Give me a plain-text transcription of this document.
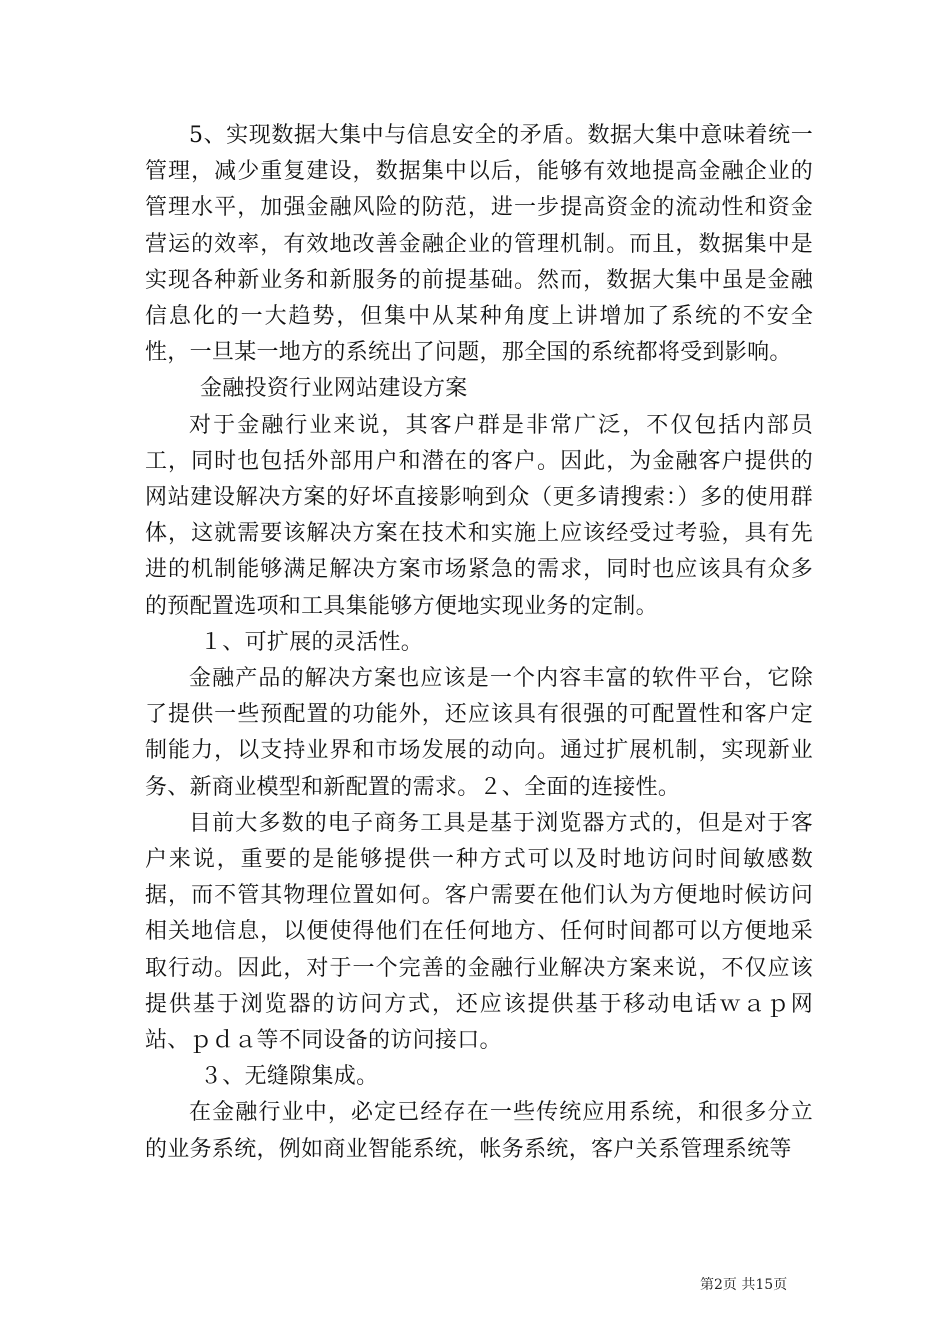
5、实现数据大集中与信息安全的矛盾。数据大集中意味着统一管理，减少重复建设，数据集中以后，能够有效地提高金融企业的管理水平，加强金融风险的防范，进一步提高资金的流动性和资金营运的效率，有效地改善金融企业的管理机制。而且，数据集中是实现各种新业务和新服务的前提基础。然而，数据大集中虽是金融信息化的一大趋势，但集中从某种角度上讲增加了系统的不安全性，一旦某一地方的系统出了问题，那全国的系统都将受到影响。

金融投资行业网站建设方案

对于金融行业来说，其客户群是非常广泛，不仅包括内部员工，同时也包括外部用户和潜在的客户。因此，为金融客户提供的网站建设解决方案的好坏直接影响到众（更多请搜索：）多的使用群体，这就需要该解决方案在技术和实施上应该经受过考验，具有先进的机制能够满足解决方案市场紧急的需求，同时也应该具有众多的预配置选项和工具集能够方便地实现业务的定制。

１、可扩展的灵活性。

金融产品的解决方案也应该是一个内容丰富的软件平台，它除了提供一些预配置的功能外，还应该具有很强的可配置性和客户定制能力，以支持业界和市场发展的动向。通过扩展机制，实现新业务、新商业模型和新配置的需求。２、全面的连接性。

目前大多数的电子商务工具是基于浏览器方式的，但是对于客户来说，重要的是能够提供一种方式可以及时地访问时间敏感数据，而不管其物理位置如何。客户需要在他们认为方便地时候访问相关地信息，以便使得他们在任何地方、任何时间都可以方便地采取行动。因此，对于一个完善的金融行业解决方案来说，不仅应该提供基于浏览器的访问方式，还应该提供基于移动电话ｗａｐ网站、ｐｄａ等不同设备的访问接口。

３、无缝隙集成。

在金融行业中，必定已经存在一些传统应用系统，和很多分立的业务系统，例如商业智能系统，帐务系统，客户关系管理系统等

第2页 共15页
